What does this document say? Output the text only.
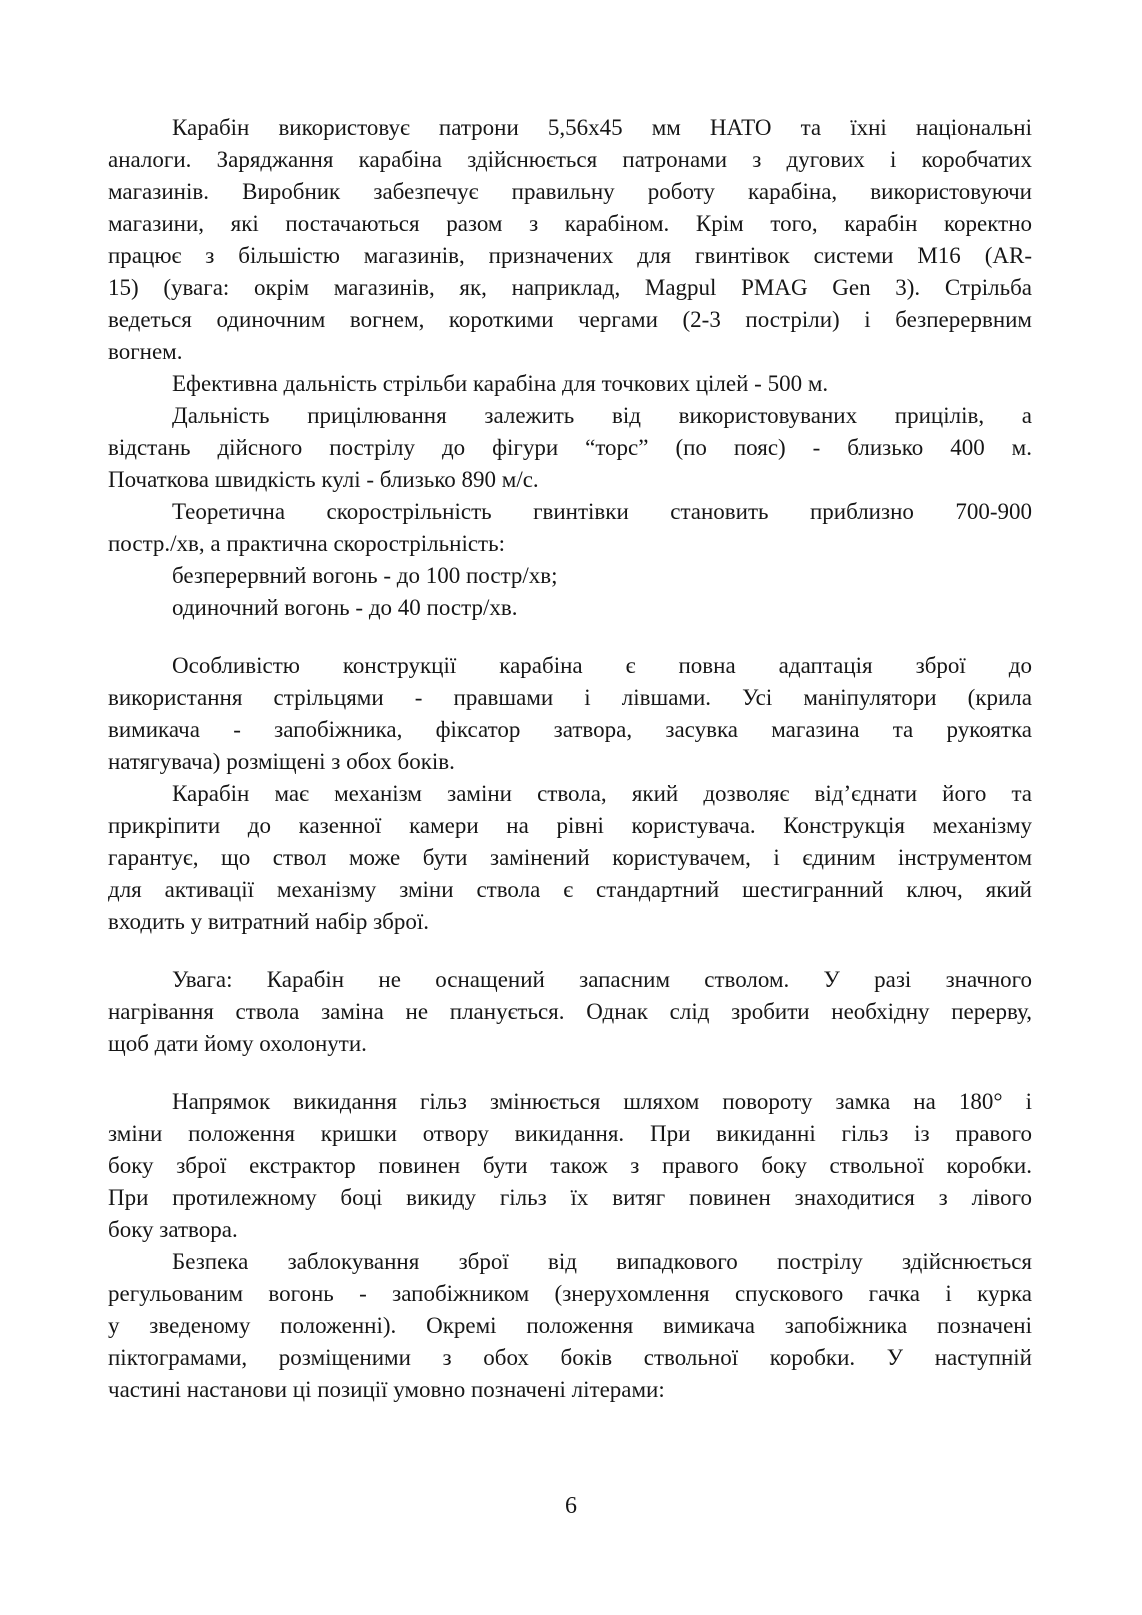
Карабін використовує патрони 5,56х45 мм НАТО та їхні національні
аналоги. Заряджання карабіна здійснюється патронами з дугових і коробчатих
магазинів. Виробник забезпечує правильну роботу карабіна, використовуючи
магазини, які постачаються разом з карабіном. Крім того, карабін коректно
працює з більшістю магазинів, призначених для гвинтівок системи М16 (AR-
15) (увага: окрім магазинів, як, наприклад, Magpul PMAG Gen 3). Стрільба
ведеться одиночним вогнем, короткими чергами (2-3 постріли) і безперервним
вогнем.

Ефективна дальність стрільби карабіна для точкових цілей - 500 м.

Дальність прицілювання залежить від використовуваних прицілів, а
відстань дійсного пострілу до фігури “торс” (по пояс) - близько 400 м.
Початкова швидкість кулі - близько 890 м/с.

Теоретична скорострільність гвинтівки становить приблизно 700-900
постр./хв, а практична скорострільність:

безперервний вогонь - до 100 постр/хв;

одиночний вогонь - до 40 постр/хв.

Особливістю конструкції карабіна є повна адаптація зброї до
використання стрільцями - правшами і лівшами. Усі маніпулятори (крила
вимикача - запобіжника, фіксатор затвора, засувка магазина та рукоятка
натягувача) розміщені з обох боків.

Карабін має механізм заміни ствола, який дозволяє від’єднати його та
прикріпити до казенної камери на рівні користувача. Конструкція механізму
гарантує, що ствол може бути замінений користувачем, і єдиним інструментом
для активації механізму зміни ствола є стандартний шестигранний ключ, який
входить у витратний набір зброї.

Увага: Карабін не оснащений запасним стволом. У разі значного
нагрівання ствола заміна не планується. Однак слід зробити необхідну перерву,
щоб дати йому охолонути.

Напрямок викидання гільз змінюється шляхом повороту замка на 180° і
зміни положення кришки отвору викидання. При викиданні гільз із правого
боку зброї екстрактор повинен бути також з правого боку ствольної коробки.
При протилежному боці викиду гільз їх витяг повинен знаходитися з лівого
боку затвора.

Безпека заблокування зброї від випадкового пострілу здійснюється
регульованим вогонь - запобіжником (знерухомлення спускового гачка і курка
у зведеному положенні). Окремі положення вимикача запобіжника позначені
піктограмами, розміщеними з обох боків ствольної коробки. У наступній
частині настанови ці позиції умовно позначені літерами:

6
